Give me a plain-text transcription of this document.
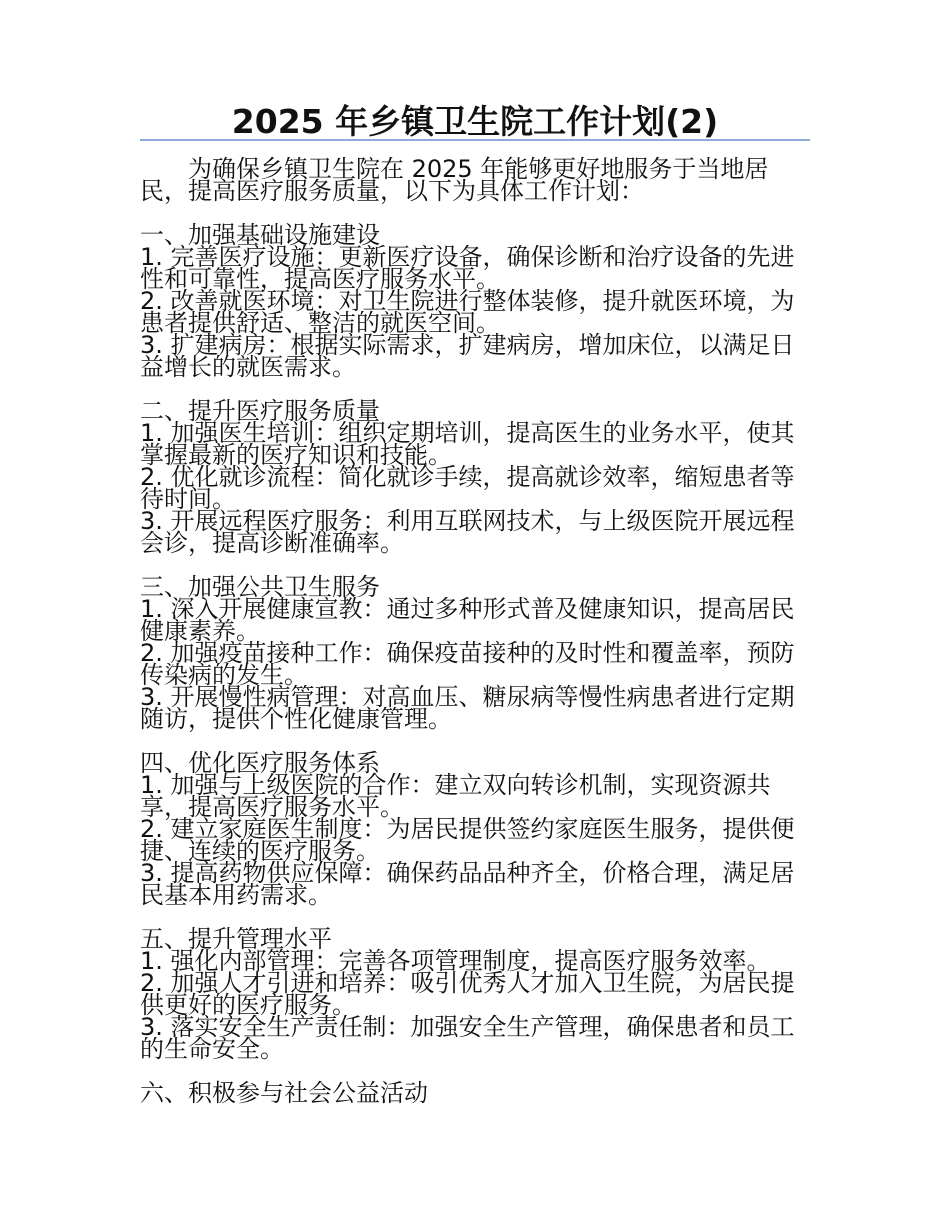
2025 年乡镇卫生院工作计划(2)

为确保乡镇卫生院在 2025 年能够更好地服务于当地居民，提高医疗服务质量，以下为具体工作计划：

一、加强基础设施建设

1. 完善医疗设施：更新医疗设备，确保诊断和治疗设备的先进性和可靠性，提高医疗服务水平。

2. 改善就医环境：对卫生院进行整体装修，提升就医环境，为患者提供舒适、整洁的就医空间。

3. 扩建病房：根据实际需求，扩建病房，增加床位，以满足日益增长的就医需求。

二、提升医疗服务质量

1. 加强医生培训：组织定期培训，提高医生的业务水平，使其掌握最新的医疗知识和技能。

2. 优化就诊流程：简化就诊手续，提高就诊效率，缩短患者等待时间。

3. 开展远程医疗服务：利用互联网技术，与上级医院开展远程会诊，提高诊断准确率。

三、加强公共卫生服务

1. 深入开展健康宣教：通过多种形式普及健康知识，提高居民健康素养。

2. 加强疫苗接种工作：确保疫苗接种的及时性和覆盖率，预防传染病的发生。

3. 开展慢性病管理：对高血压、糖尿病等慢性病患者进行定期随访，提供个性化健康管理。

四、优化医疗服务体系

1. 加强与上级医院的合作：建立双向转诊机制，实现资源共享，提高医疗服务水平。

2. 建立家庭医生制度：为居民提供签约家庭医生服务，提供便捷、连续的医疗服务。

3. 提高药物供应保障：确保药品品种齐全，价格合理，满足居民基本用药需求。

五、提升管理水平

1. 强化内部管理：完善各项管理制度，提高医疗服务效率。

2. 加强人才引进和培养：吸引优秀人才加入卫生院，为居民提供更好的医疗服务。

3. 落实安全生产责任制：加强安全生产管理，确保患者和员工的生命安全。

六、积极参与社会公益活动
